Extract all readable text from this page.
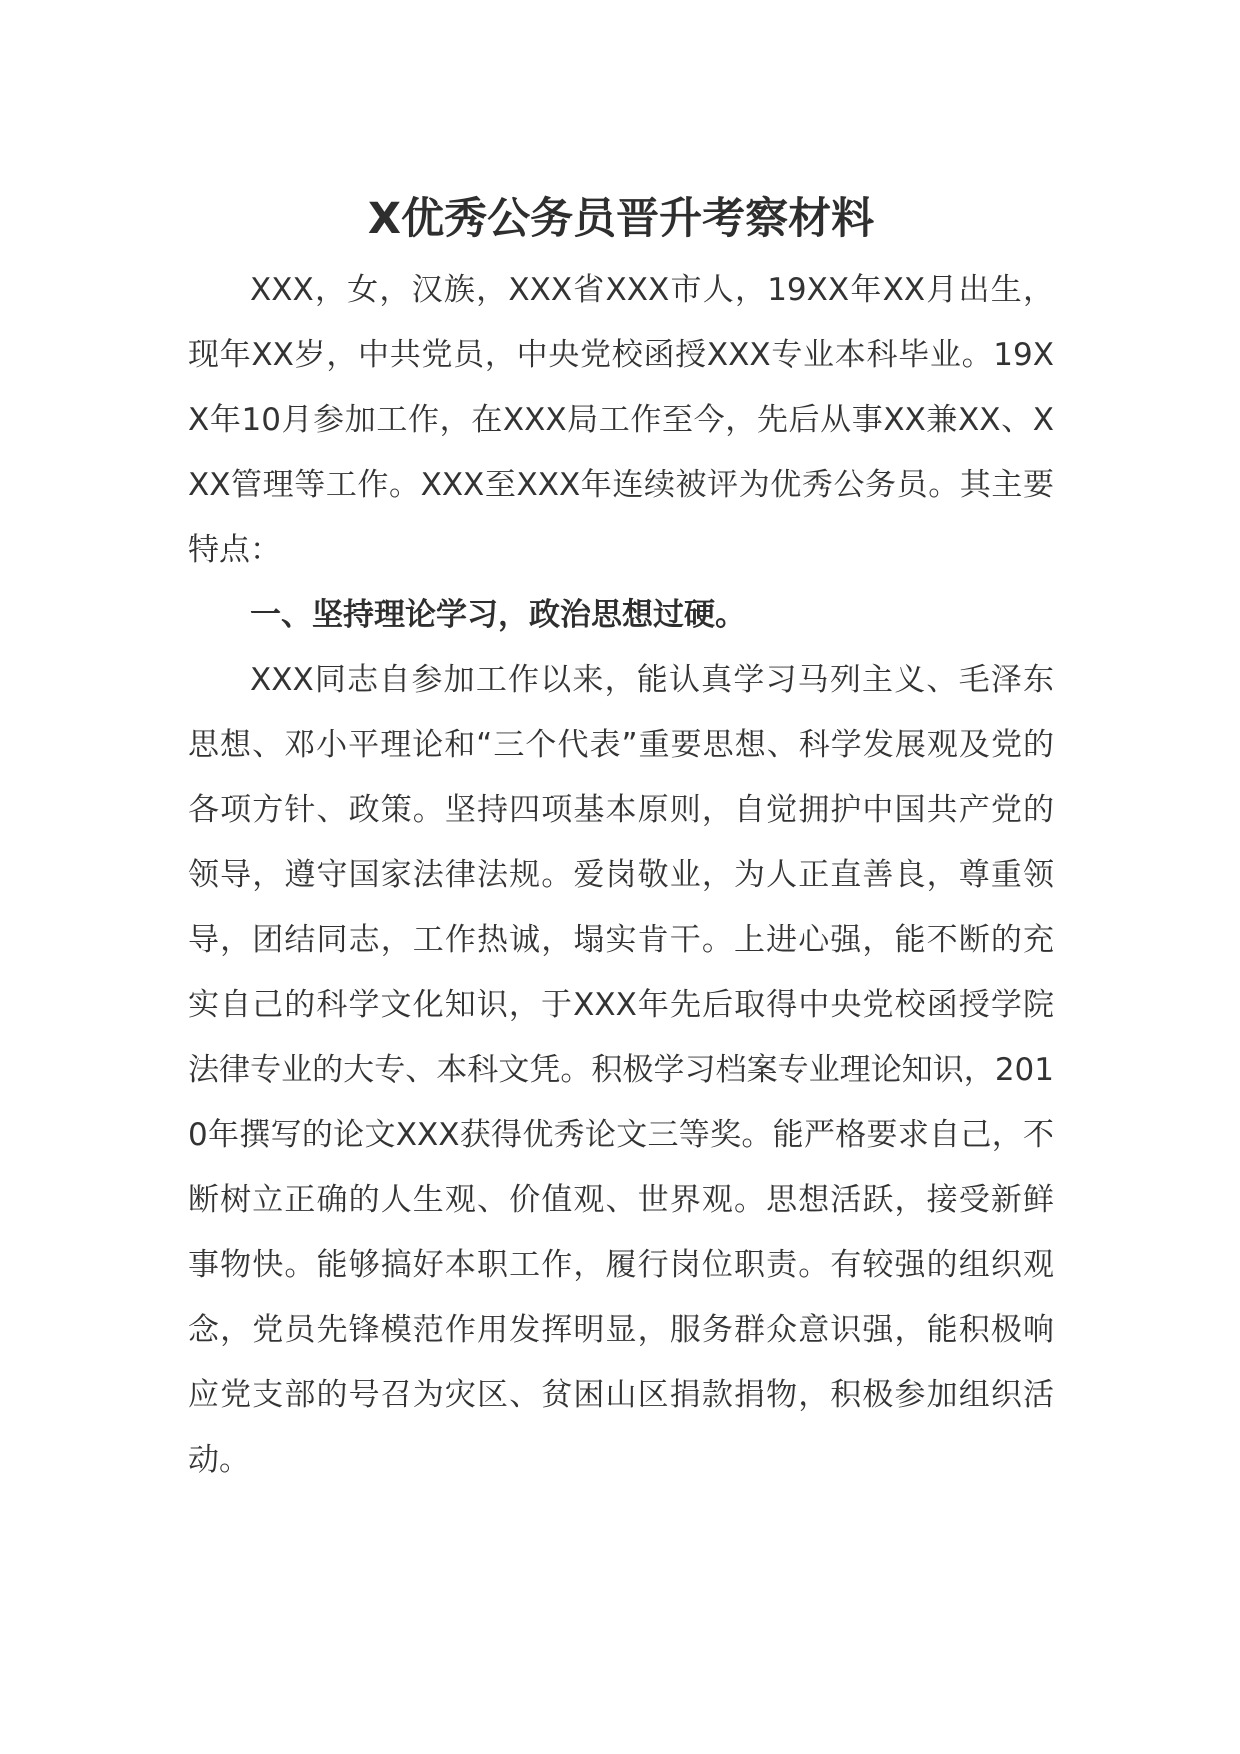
X优秀公务员晋升考察材料

XXX，女，汉族，XXX省XXX市人，19XX年XX月出生，现年XX岁，中共党员，中央党校函授XXX专业本科毕业。19XX年10月参加工作，在XXX局工作至今，先后从事XX兼XX、XXX管理等工作。XXX至XXX年连续被评为优秀公务员。其主要特点：

一、坚持理论学习，政治思想过硬。

XXX同志自参加工作以来，能认真学习马列主义、毛泽东思想、邓小平理论和“三个代表”重要思想、科学发展观及党的各项方针、政策。坚持四项基本原则，自觉拥护中国共产党的领导，遵守国家法律法规。爱岗敬业，为人正直善良，尊重领导，团结同志，工作热诚，塌实肯干。上进心强，能不断的充实自己的科学文化知识，于XXX年先后取得中央党校函授学院法律专业的大专、本科文凭。积极学习档案专业理论知识，2010年撰写的论文XXX获得优秀论文三等奖。能严格要求自己，不断树立正确的人生观、价值观、世界观。思想活跃，接受新鲜事物快。能够搞好本职工作，履行岗位职责。有较强的组织观念，党员先锋模范作用发挥明显，服务群众意识强，能积极响应党支部的号召为灾区、贫困山区捐款捐物，积极参加组织活动。
